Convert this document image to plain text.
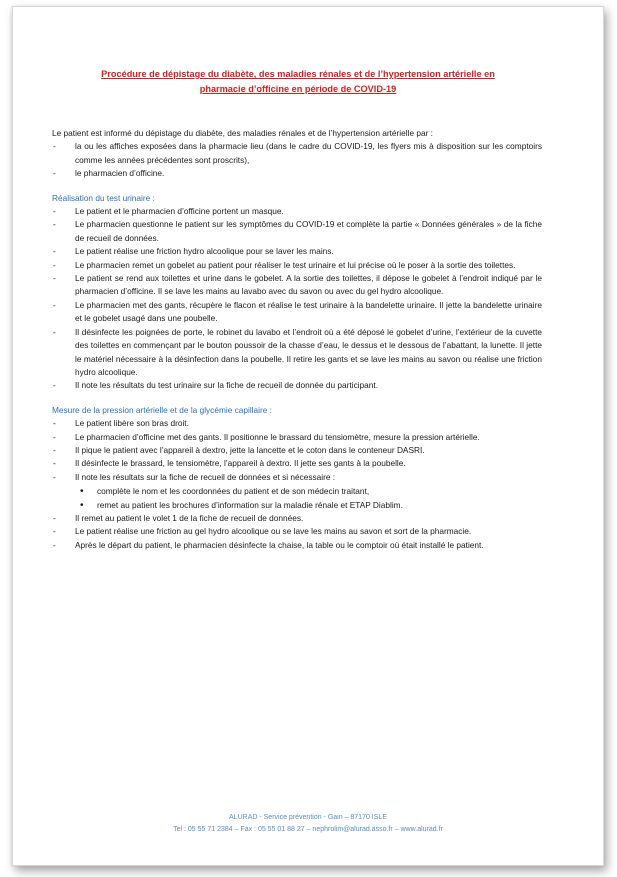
Procédure de dépistage du diabète, des maladies rénales et de l’hypertension artérielle en
pharmacie d’officine en période de COVID-19

Le patient est informé du dépistage du diabète, des maladies rénales et de l’hypertension artérielle par :

- la ou les affiches exposées dans la pharmacie lieu (dans le cadre du COVID-19, les flyers mis à disposition sur les comptoirs comme les années précédentes sont proscrits),
- le pharmacien d’officine.

Réalisation du test urinaire :

- Le patient et le pharmacien d’officine portent un masque.
- Le pharmacien questionne le patient sur les symptômes du COVID-19 et complète la partie « Données générales » de la fiche de recueil de données.
- Le patient réalise une friction hydro alcoolique pour se laver les mains.
- Le pharmacien remet un gobelet au patient pour réaliser le test urinaire et lui précise où le poser à la sortie des toilettes.
- Le patient se rend aux toilettes et urine dans le gobelet. A la sortie des toilettes, il dépose le gobelet à l’endroit indiqué par le pharmacien d’officine. Il se lave les mains au lavabo avec du savon ou avec du gel hydro alcoolique.
- Le pharmacien met des gants, récupère le flacon et réalise le test urinaire à la bandelette urinaire. Il jette la bandelette urinaire et le gobelet usagé dans une poubelle.
- Il désinfecte les poignées de porte, le robinet du lavabo et l’endroit où a été déposé le gobelet d’urine, l’extérieur de la cuvette des toilettes en commençant par le bouton poussoir de la chasse d’eau, le dessus et le dessous de l’abattant, la lunette. Il jette le matériel nécessaire à la désinfection dans la poubelle. Il retire les gants et se lave les mains au savon ou réalise une friction hydro alcoolique.
- Il note les résultats du test urinaire sur la fiche de recueil de donnée du participant.

Mesure de la pression artérielle et de la glycémie capillaire :

- Le patient libère son bras droit.
- Le pharmacien d’officine met des gants. Il positionne le brassard du tensiomètre, mesure la pression artérielle.
- Il pique le patient avec l’appareil à dextro, jette la lancette et le coton dans le conteneur DASRI.
- Il désinfecte le brassard, le tensiomètre, l’appareil à dextro. Il jette ses gants à la poubelle.
- Il note les résultats sur la fiche de recueil de données et si nécessaire :
• complète le nom et les coordonnées du patient et de son médecin traitant,
• remet au patient les brochures d’information sur la maladie rénale et ETAP Diablim.
- Il remet au patient le volet 1 de la fiche de recueil de données.
- Le patient réalise une friction au gel hydro alcoolique ou se lave les mains au savon et sort de la pharmacie.
- Après le départ du patient, le pharmacien désinfecte la chaise, la table ou le comptoir où était installé le patient.
ALURAD - Service prévention - Gain – 87170 ISLE
Tel : 05 55 71 2384 – Fax : 05 55 01 88 27 – nephrolim@alurad.asso.fr – www.alurad.fr
